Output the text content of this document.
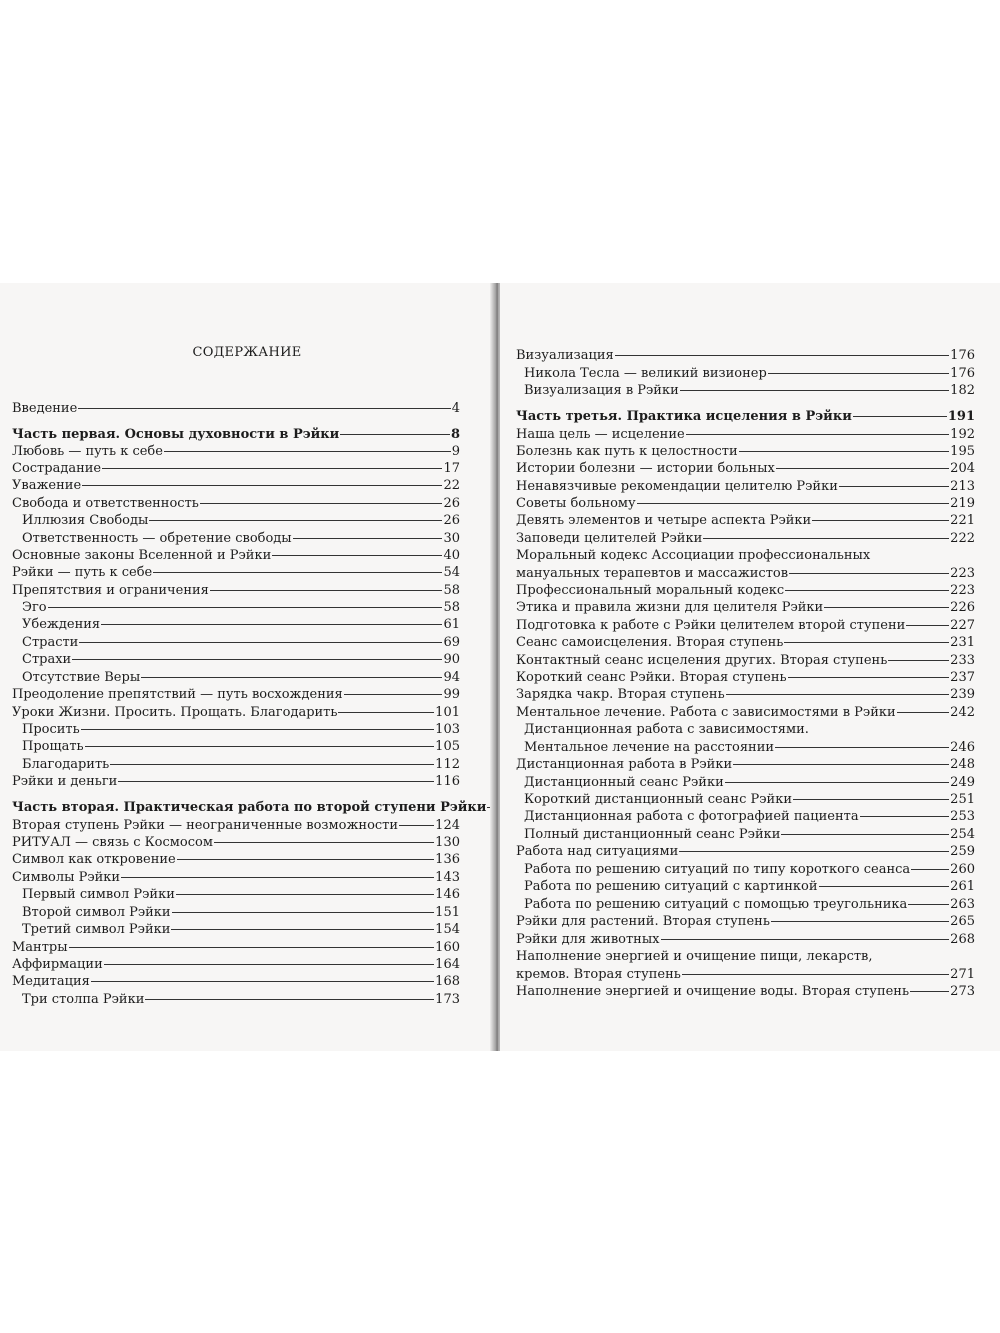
СОДЕРЖАНИЕ
Введение	4
Часть первая. Основы духовности в Рэйки	8
Любовь — путь к себе	9
Сострадание	17
Уважение	22
Свобода и ответственность	26
Иллюзия Свободы	26
Ответственность — обретение свободы	30
Основные законы Вселенной и Рэйки	40
Рэйки — путь к себе	54
Препятствия и ограничения	58
Эго	58
Убеждения	61
Страсти	69
Страхи	90
Отсутствие Веры	94
Преодоление препятствий — путь восхождения	99
Уроки Жизни. Просить. Прощать. Благодарить	101
Просить	103
Прощать	105
Благодарить	112
Рэйки и деньги	116
Часть вторая. Практическая работа по второй ступени Рэйки
Вторая ступень Рэйки — неограниченные возможности	124
РИТУАЛ — связь с Космосом	130
Символ как откровение	136
Символы Рэйки	143
Первый символ Рэйки	146
Второй символ Рэйки	151
Третий символ Рэйки	154
Мантры	160
Аффирмации	164
Медитация	168
Три столпа Рэйки	173
Визуализация	176
Никола Тесла — великий визионер	176
Визуализация в Рэйки	182
Часть третья. Практика исцеления в Рэйки	191
Наша цель — исцеление	192
Болезнь как путь к целостности	195
Истории болезни — истории больных	204
Ненавязчивые рекомендации целителю Рэйки	213
Советы больному	219
Девять элементов и четыре аспекта Рэйки	221
Заповеди целителей Рэйки	222
Моральный кодекс Ассоциации профессиональных
мануальных терапевтов и массажистов	223
Профессиональный моральный кодекс	223
Этика и правила жизни для целителя Рэйки	226
Подготовка к работе с Рэйки целителем второй ступени	227
Сеанс самоисцеления. Вторая ступень	231
Контактный сеанс исцеления других. Вторая ступень	233
Короткий сеанс Рэйки. Вторая ступень	237
Зарядка чакр. Вторая ступень	239
Ментальное лечение. Работа с зависимостями в Рэйки	242
Дистанционная работа с зависимостями.
Ментальное лечение на расстоянии	246
Дистанционная работа в Рэйки	248
Дистанционный сеанс Рэйки	249
Короткий дистанционный сеанс Рэйки	251
Дистанционная работа с фотографией пациента	253
Полный дистанционный сеанс Рэйки	254
Работа над ситуациями	259
Работа по решению ситуаций по типу короткого сеанса	260
Работа по решению ситуаций с картинкой	261
Работа по решению ситуаций с помощью треугольника	263
Рэйки для растений. Вторая ступень	265
Рэйки для животных	268
Наполнение энергией и очищение пищи, лекарств,
кремов. Вторая ступень	271
Наполнение энергией и очищение воды. Вторая ступень	273
